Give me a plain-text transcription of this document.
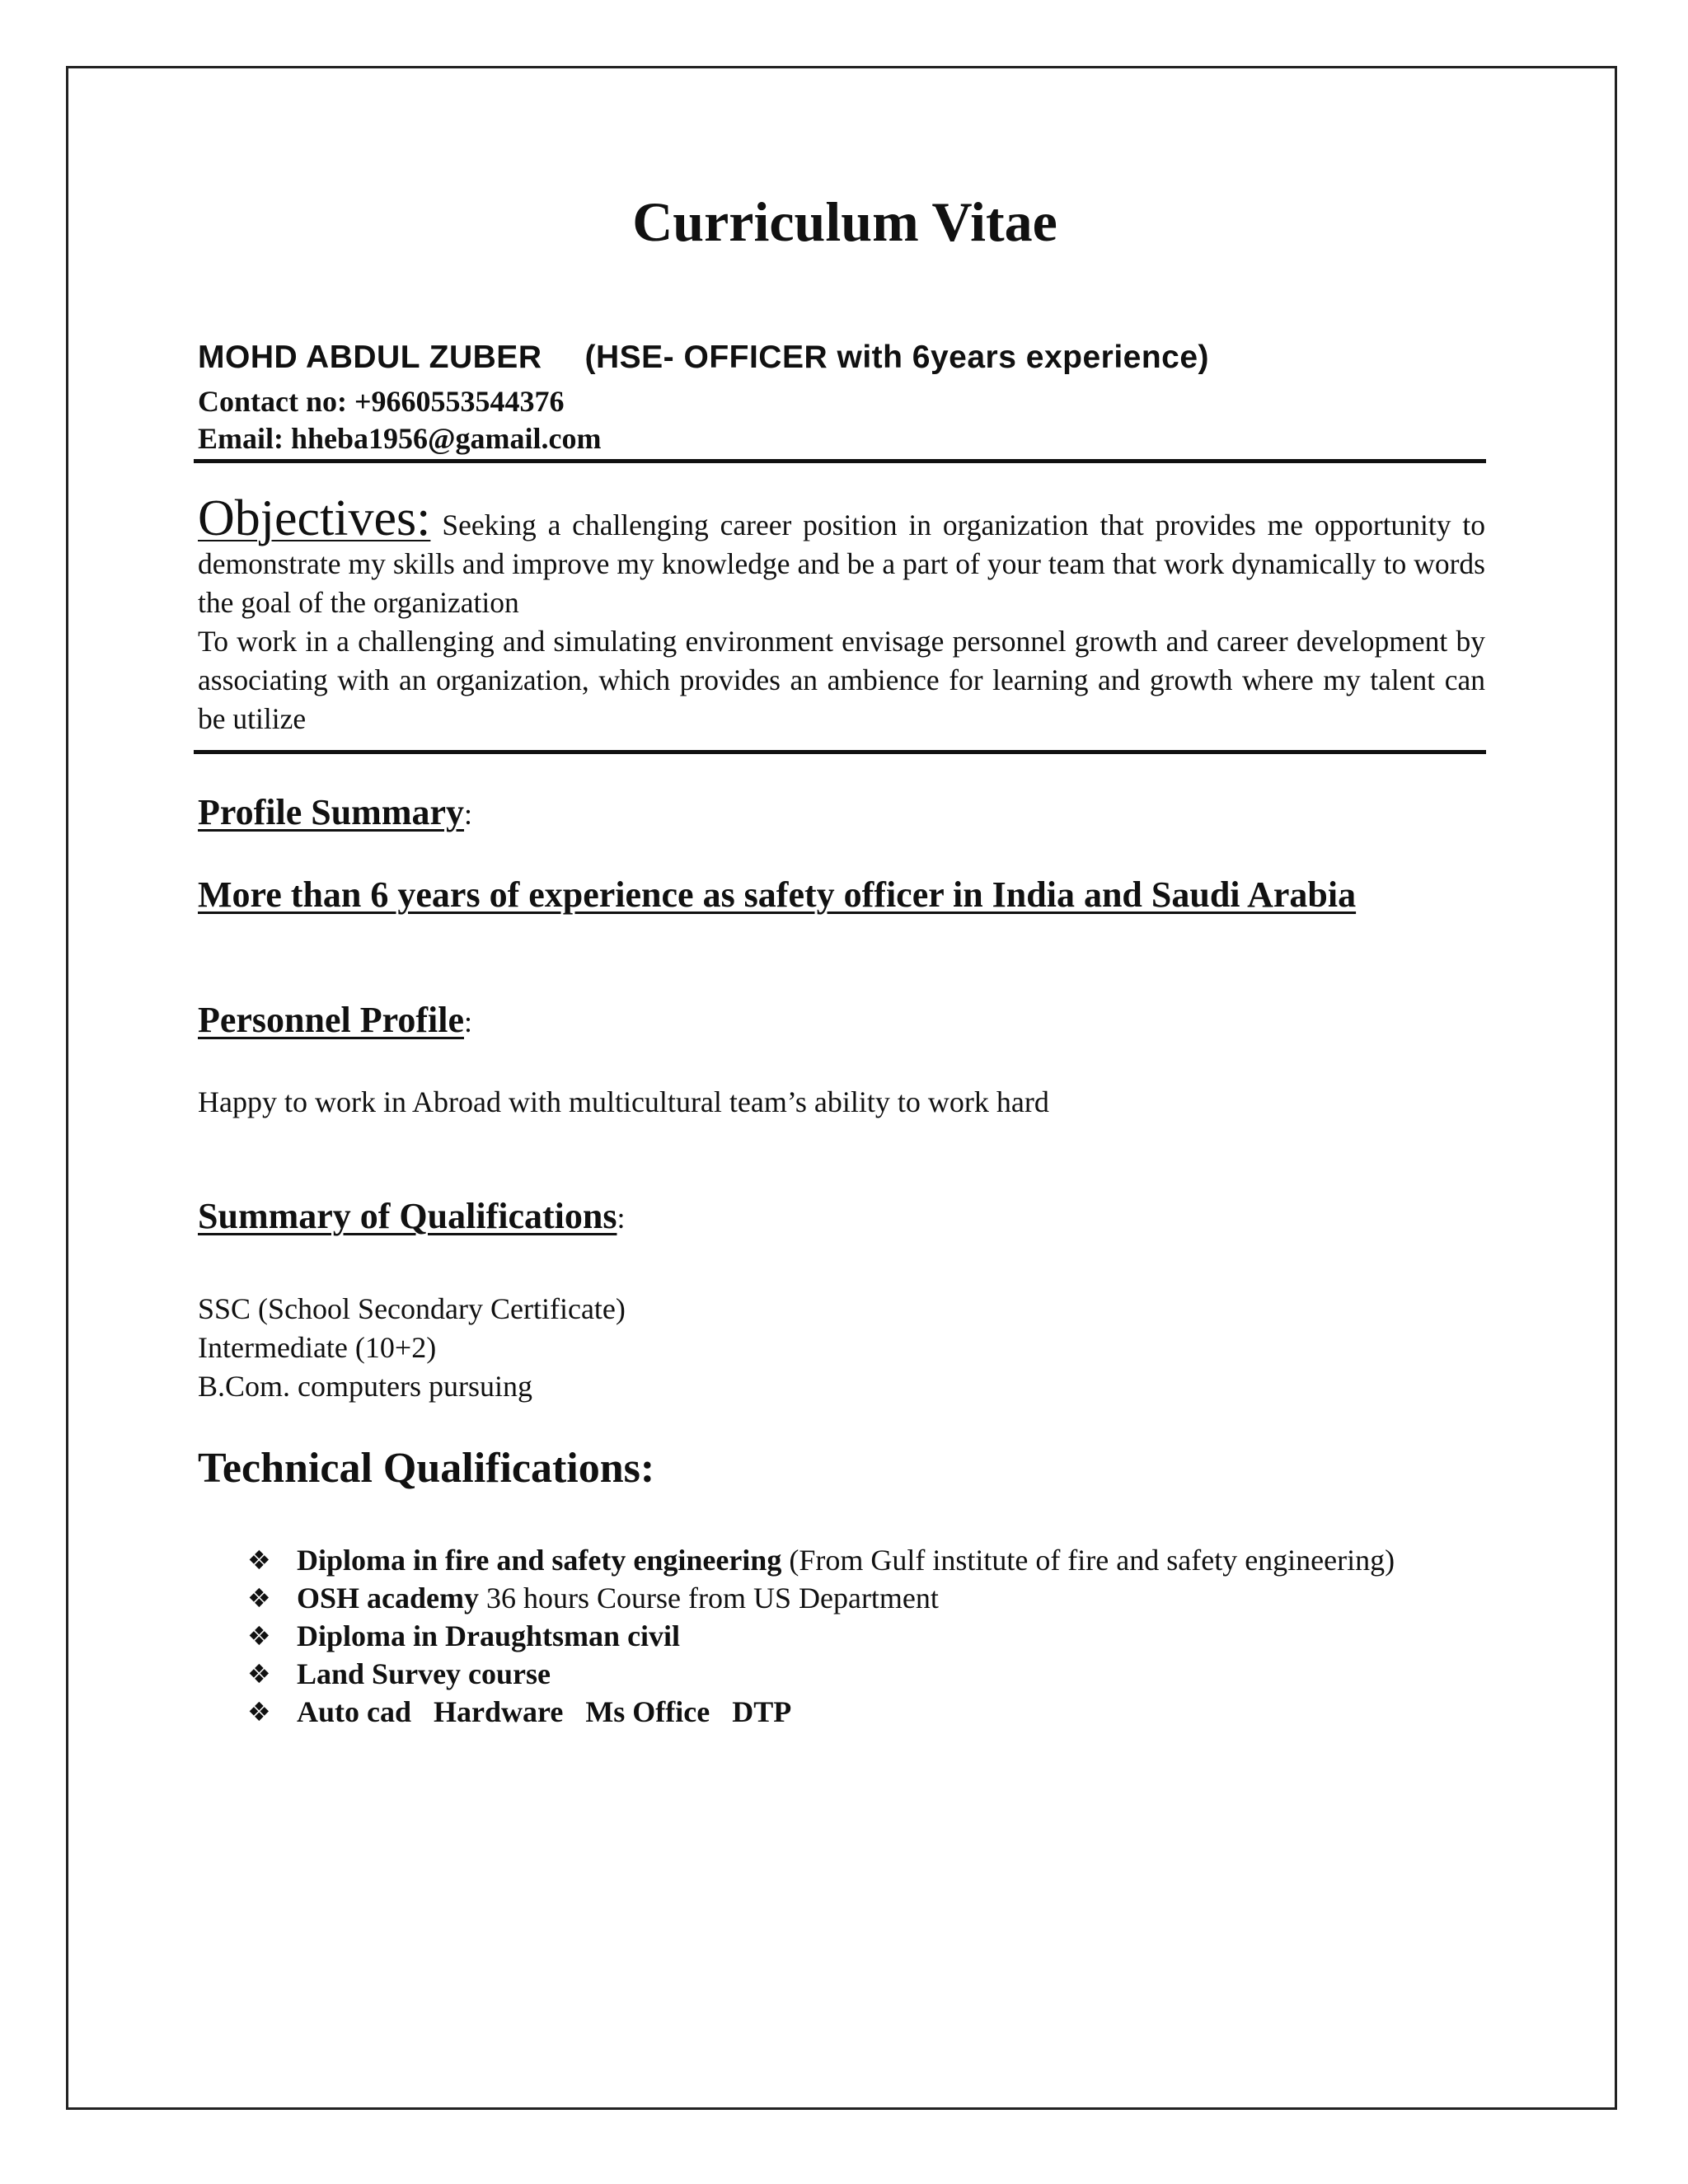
Curriculum Vitae
MOHD ABDUL ZUBER (HSE- OFFICER with 6years experience)
Contact no: +9660553544376
Email: hheba1956@gamail.com

Objectives: Seeking a challenging career position in organization that provides me opportunity to demonstrate my skills and improve my knowledge and be a part of your team that work dynamically to words the goal of the organization

To work in a challenging and simulating environment envisage personnel growth and career development by associating with an organization, which provides an ambience for learning and growth where my talent can be utilize

Profile Summary:
More than 6 years of experience as safety officer in India and Saudi Arabia
Personnel Profile:
Happy to work in Abroad with multicultural team’s ability to work hard
Summary of Qualifications:
SSC (School Secondary Certificate)
Intermediate (10+2)
B.Com. computers pursuing
Technical Qualifications:
❖ Diploma in fire and safety engineering (From Gulf institute of fire and safety engineering)
❖ OSH academy 36 hours Course from US Department
❖ Diploma in Draughtsman civil
❖ Land Survey course
❖ Auto cad   Hardware   Ms Office   DTP
